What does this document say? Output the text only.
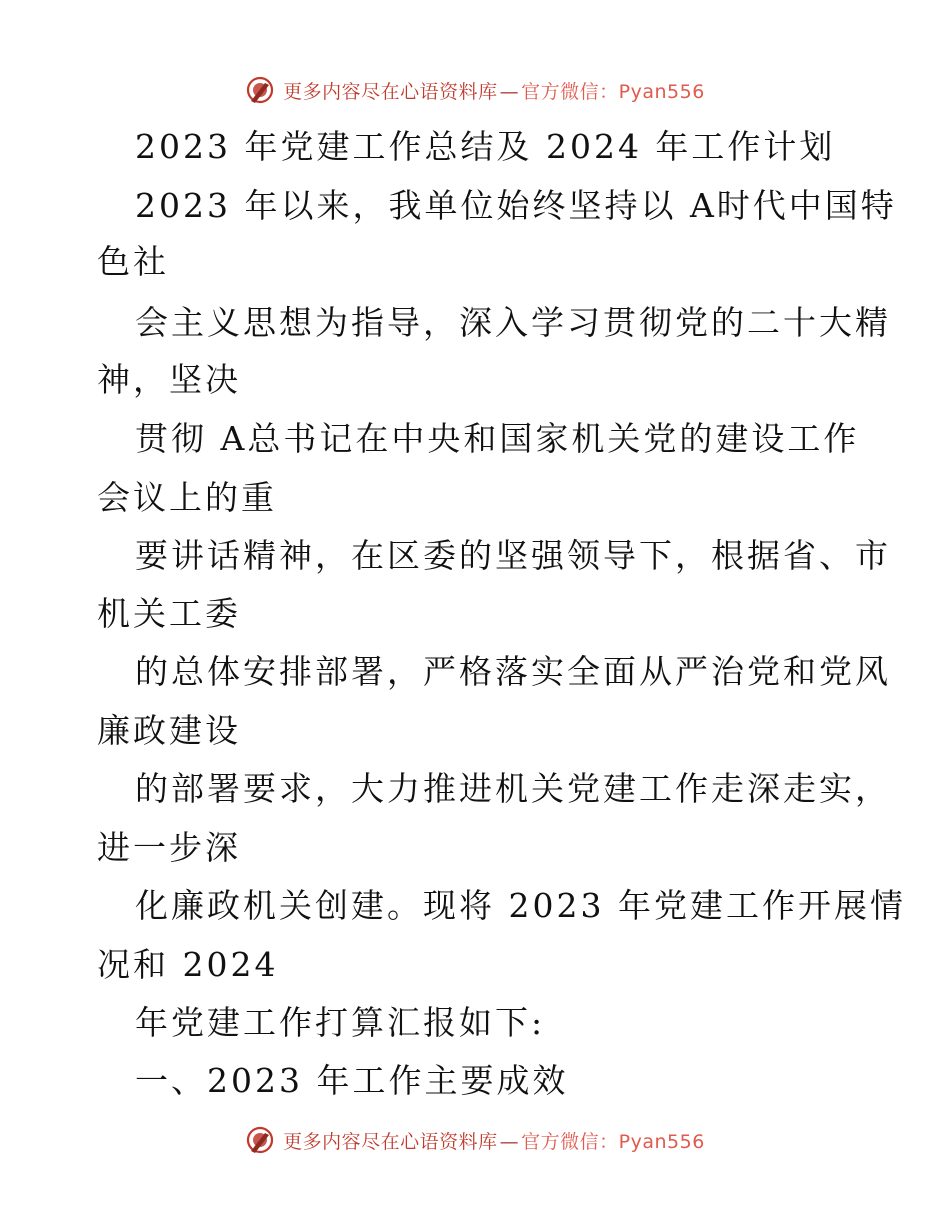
更多内容尽在心语资料库 — 官方微信：Pyan556
2023 年党建工作总结及 2024 年工作计划
2023 年以来，我单位始终坚持以 A时代中国特
色社
会主义思想为指导，深入学习贯彻党的二十大精
神，坚决
贯彻 A总书记在中央和国家机关党的建设工作
会议上的重
要讲话精神，在区委的坚强领导下，根据省、市
机关工委
的总体安排部署，严格落实全面从严治党和党风
廉政建设
的部署要求，大力推进机关党建工作走深走实，
进一步深
化廉政机关创建。现将 2023 年党建工作开展情
况和 2024
年党建工作打算汇报如下:
一、2023 年工作主要成效
更多内容尽在心语资料库 — 官方微信：Pyan556
